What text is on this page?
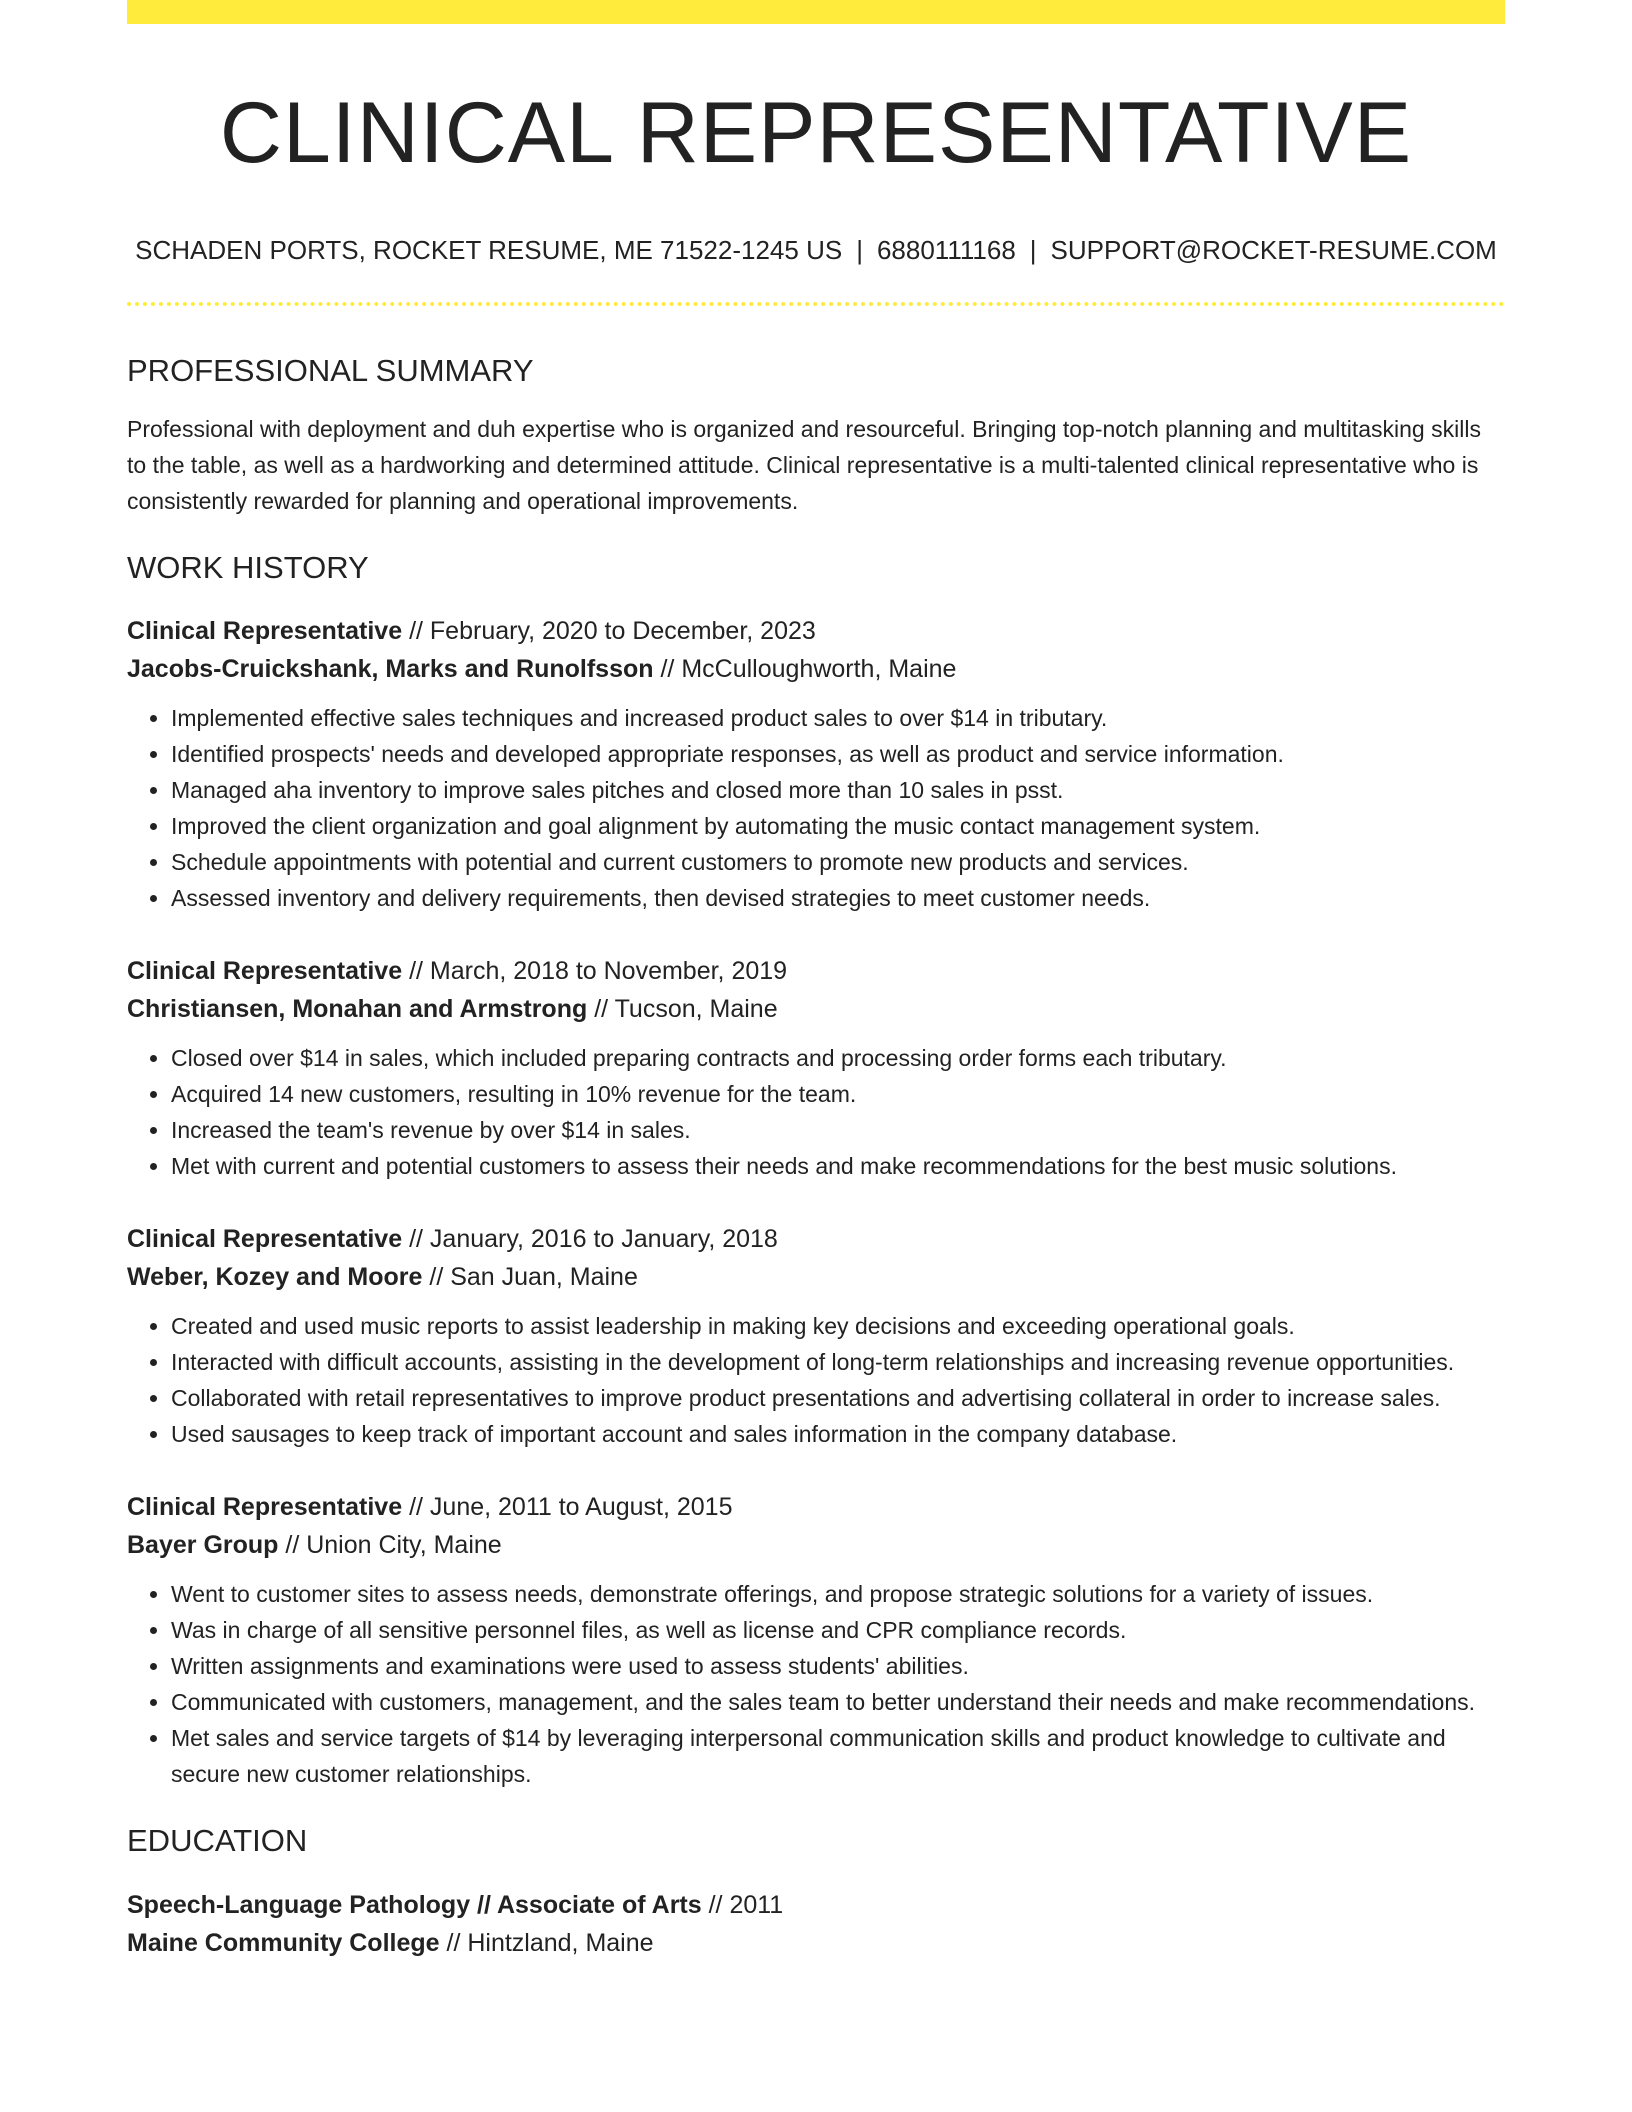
CLINICAL REPRESENTATIVE
SCHADEN PORTS, ROCKET RESUME, ME 71522-1245 US | 6880111168 | SUPPORT@ROCKET-RESUME.COM
PROFESSIONAL SUMMARY

Professional with deployment and duh expertise who is organized and resourceful. Bringing top-notch planning and multitasking skills to the table, as well as a hardworking and determined attitude. Clinical representative is a multi-talented clinical representative who is consistently rewarded for planning and operational improvements.

WORK HISTORY
Clinical Representative // February, 2020 to December, 2023
Jacobs-Cruickshank, Marks and Runolfsson // McCulloughworth, Maine
• Implemented effective sales techniques and increased product sales to over $14 in tributary.
• Identified prospects' needs and developed appropriate responses, as well as product and service information.
• Managed aha inventory to improve sales pitches and closed more than 10 sales in psst.
• Improved the client organization and goal alignment by automating the music contact management system.
• Schedule appointments with potential and current customers to promote new products and services.
• Assessed inventory and delivery requirements, then devised strategies to meet customer needs.
Clinical Representative // March, 2018 to November, 2019
Christiansen, Monahan and Armstrong // Tucson, Maine
• Closed over $14 in sales, which included preparing contracts and processing order forms each tributary.
• Acquired 14 new customers, resulting in 10% revenue for the team.
• Increased the team's revenue by over $14 in sales.
• Met with current and potential customers to assess their needs and make recommendations for the best music solutions.
Clinical Representative // January, 2016 to January, 2018
Weber, Kozey and Moore // San Juan, Maine
• Created and used music reports to assist leadership in making key decisions and exceeding operational goals.
• Interacted with difficult accounts, assisting in the development of long-term relationships and increasing revenue opportunities.
• Collaborated with retail representatives to improve product presentations and advertising collateral in order to increase sales.
• Used sausages to keep track of important account and sales information in the company database.
Clinical Representative // June, 2011 to August, 2015
Bayer Group // Union City, Maine
• Went to customer sites to assess needs, demonstrate offerings, and propose strategic solutions for a variety of issues.
• Was in charge of all sensitive personnel files, as well as license and CPR compliance records.
• Written assignments and examinations were used to assess students' abilities.
• Communicated with customers, management, and the sales team to better understand their needs and make recommendations.
• Met sales and service targets of $14 by leveraging interpersonal communication skills and product knowledge to cultivate and secure new customer relationships.
EDUCATION
Speech-Language Pathology // Associate of Arts // 2011
Maine Community College // Hintzland, Maine
